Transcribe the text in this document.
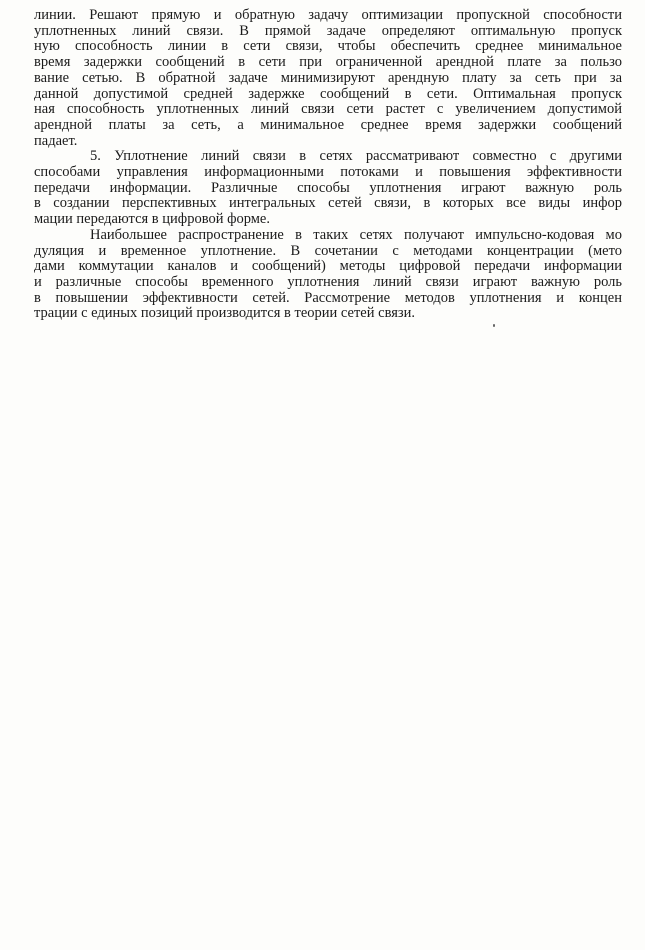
линии. Решают прямую и обратную задачу оптимизации пропускной способности
уплотненных линий связи. В прямой задаче определяют оптимальную пропуск
ную способность линии в сети связи, чтобы обеспечить среднее минимальное
время задержки сообщений в сети при ограниченной арендной плате за пользо
вание сетью. В обратной задаче минимизируют арендную плату за сеть при за
данной допустимой средней задержке сообщений в сети. Оптимальная пропуск
ная способность уплотненных линий связи сети растет с увеличением допустимой
арендной платы за сеть, а минимальное среднее время задержки сообщений
падает.
5. Уплотнение линий связи в сетях рассматривают совместно с другими
способами управления информационными потоками и повышения эффективности
передачи информации. Различные способы уплотнения играют важную роль
в создании перспективных интегральных сетей связи, в которых все виды инфор
мации передаются в цифровой форме.
Наибольшее распространение в таких сетях получают импульсно-кодовая мо
дуляция и временное уплотнение. В сочетании с методами концентрации (мето
дами коммутации каналов и сообщений) методы цифровой передачи информации
и различные способы временного уплотнения линий связи играют важную роль
в повышении эффективности сетей. Рассмотрение методов уплотнения и концен
трации с единых позиций производится в теории сетей связи.
